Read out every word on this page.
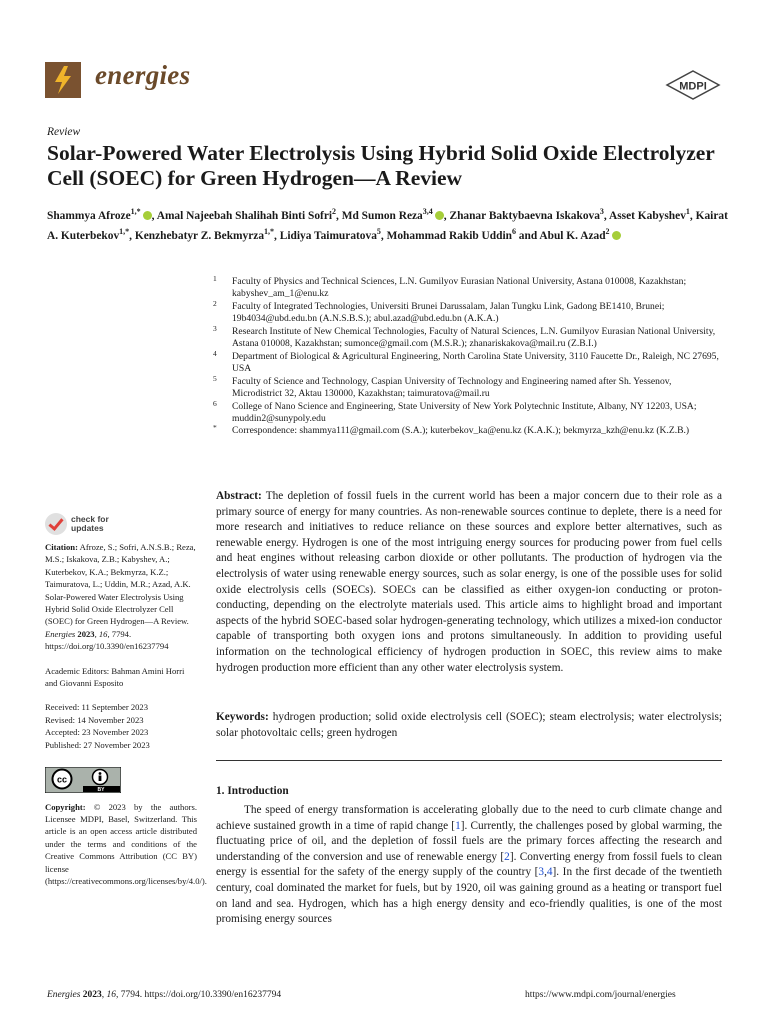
energies	MDPI
Review
Solar-Powered Water Electrolysis Using Hybrid Solid Oxide Electrolyzer Cell (SOEC) for Green Hydrogen—A Review
Shammya Afroze$^{1,*}$ , Amal Najeebah Shalihah Binti Sofri$^2$, Md Sumon Reza$^{3,4}$ , Zhanar Baktybaevna Iskakova$^3$, Asset Kabyshev$^1$, Kairat A. Kuterbekov$^{1,*}$, Kenzhebatyr Z. Bekmyrza$^{1,*}$, Lidiya Taimuratova$^5$, Mohammad Rakib Uddin$^6$ and Abul K. Azad$^2$
1 Faculty of Physics and Technical Sciences, L.N. Gumilyov Eurasian National University, Astana 010008, Kazakhstan; kabyshev_am_1@enu.kz
2 Faculty of Integrated Technologies, Universiti Brunei Darussalam, Jalan Tungku Link, Gadong BE1410, Brunei; 19b4034@ubd.edu.bn (A.N.S.B.S.); abul.azad@ubd.edu.bn (A.K.A.)
3 Research Institute of New Chemical Technologies, Faculty of Natural Sciences, L.N. Gumilyov Eurasian National University, Astana 010008, Kazakhstan; sumonce@gmail.com (M.S.R.); zhanariskakova@mail.ru (Z.B.I.)
4 Department of Biological & Agricultural Engineering, North Carolina State University, 3110 Faucette Dr., Raleigh, NC 27695, USA
5 Faculty of Science and Technology, Caspian University of Technology and Engineering named after Sh. Yessenov, Microdistrict 32, Aktau 130000, Kazakhstan; taimuratova@mail.ru
6 College of Nano Science and Engineering, State University of New York Polytechnic Institute, Albany, NY 12203, USA; muddin2@sunypoly.edu
* Correspondence: shammya111@gmail.com (S.A.); kuterbekov_ka@enu.kz (K.A.K.); bekmyrza_kzh@enu.kz (K.Z.B.)
check for
updates

Citation: Afroze, S.; Sofri, A.N.S.B.; Reza, M.S.; Iskakova, Z.B.; Kabyshev, A.; Kuterbekov, K.A.; Bekmyrza, K.Z.; Taimuratova, L.; Uddin, M.R.; Azad, A.K. Solar-Powered Water Electrolysis Using Hybrid Solid Oxide Electrolyzer Cell (SOEC) for Green Hydrogen—A Review. Energies 2023, 16, 7794. https://doi.org/10.3390/en16237794

Academic Editors: Bahman Amini Horri and Giovanni Esposito

Received: 11 September 2023

Revised: 14 November 2023

Accepted: 23 November 2023

Published: 27 November 2023

cc
BY

Copyright: © 2023 by the authors. Licensee MDPI, Basel, Switzerland. This article is an open access article distributed under the terms and conditions of the Creative Commons Attribution (CC BY) license (https://creativecommons.org/licenses/by/4.0/).

Abstract: The depletion of fossil fuels in the current world has been a major concern due to their role as a primary source of energy for many countries. As non-renewable sources continue to deplete, there is a need for more research and initiatives to reduce reliance on these sources and explore better alternatives, such as renewable energy. Hydrogen is one of the most intriguing energy sources for producing power from fuel cells and heat engines without releasing carbon dioxide or other pollutants. The production of hydrogen via the electrolysis of water using renewable energy sources, such as solar energy, is one of the possible uses for solid oxide electrolysis cells (SOECs). SOECs can be classified as either oxygen-ion conducting or proton-conducting, depending on the electrolyte materials used. This article aims to highlight broad and important aspects of the hybrid SOEC-based solar hydrogen-generating technology, which utilizes a mixed-ion conductor capable of transporting both oxygen ions and protons simultaneously. In addition to providing useful information on the technological efficiency of hydrogen production in SOEC, this review aims to make hydrogen production more efficient than any other water electrolysis system.
Keywords: hydrogen production; solid oxide electrolysis cell (SOEC); steam electrolysis; water electrolysis; solar photovoltaic cells; green hydrogen
1. Introduction
The speed of energy transformation is accelerating globally due to the need to curb climate change and achieve sustained growth in a time of rapid change [1]. Currently, the challenges posed by global warming, the fluctuating price of oil, and the depletion of fossil fuels are the primary forces affecting the research and understanding of the conversion and use of renewable energy [2]. Converting energy from fossil fuels to clean energy is essential for the safety of the energy supply of the country [3,4]. In the first decade of the twentieth century, coal dominated the market for fuels, but by 1920, oil was gaining ground as a heating or transport fuel on land and sea. Hydrogen, which has a high energy density and eco-friendly qualities, is one of the most promising energy sources
Energies 2023, 16, 7794. https://doi.org/10.3390/en16237794	https://www.mdpi.com/journal/energies
